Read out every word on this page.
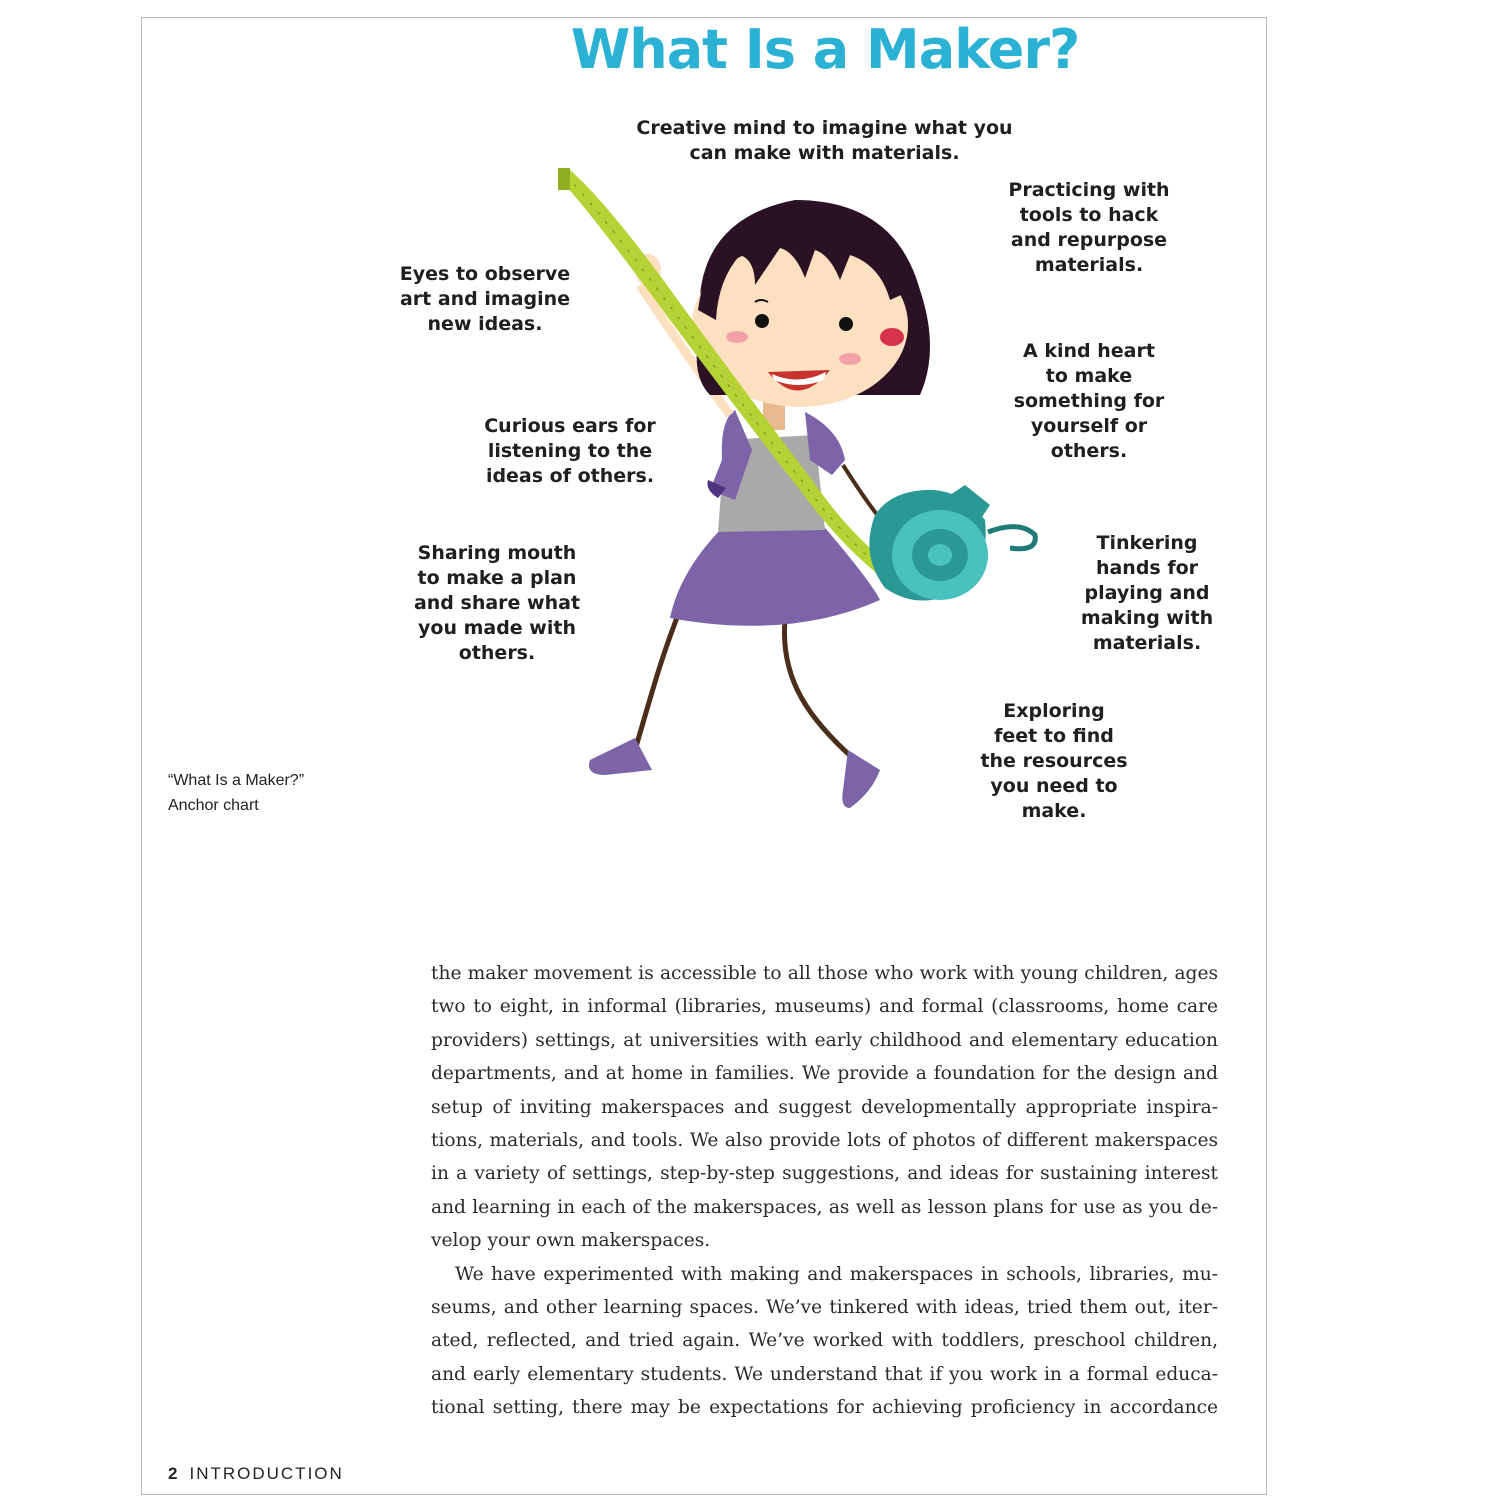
What Is a Maker?
Creative mind to imagine what you
can make with materials.
Practicing with
tools to hack
and repurpose
materials.
Eyes to observe
art and imagine
new ideas.
A kind heart
to make
something for
yourself or
others.
Curious ears for
listening to the
ideas of others.
Tinkering
hands for
playing and
making with
materials.
Sharing mouth
to make a plan
and share what
you made with
others.
Exploring
feet to find
the resources
you need to
make.
“What Is a Maker?”
Anchor chart
the maker movement is accessible to all those who work with young children, ages
two to eight, in informal (libraries, museums) and formal (classrooms, home care
providers) settings, at universities with early childhood and elementary education
departments, and at home in families. We provide a foundation for the design and
setup of inviting makerspaces and suggest developmentally appropriate inspira-
tions, materials, and tools. We also provide lots of photos of different makerspaces
in a variety of settings, step-by-step suggestions, and ideas for sustaining interest
and learning in each of the makerspaces, as well as lesson plans for use as you de-
velop your own makerspaces.
We have experimented with making and makerspaces in schools, libraries, mu-
seums, and other learning spaces. We’ve tinkered with ideas, tried them out, iter-
ated, reflected, and tried again. We’ve worked with toddlers, preschool children,
and early elementary students. We understand that if you work in a formal educa-
tional setting, there may be expectations for achieving proficiency in accordance
2 INTRODUCTION
